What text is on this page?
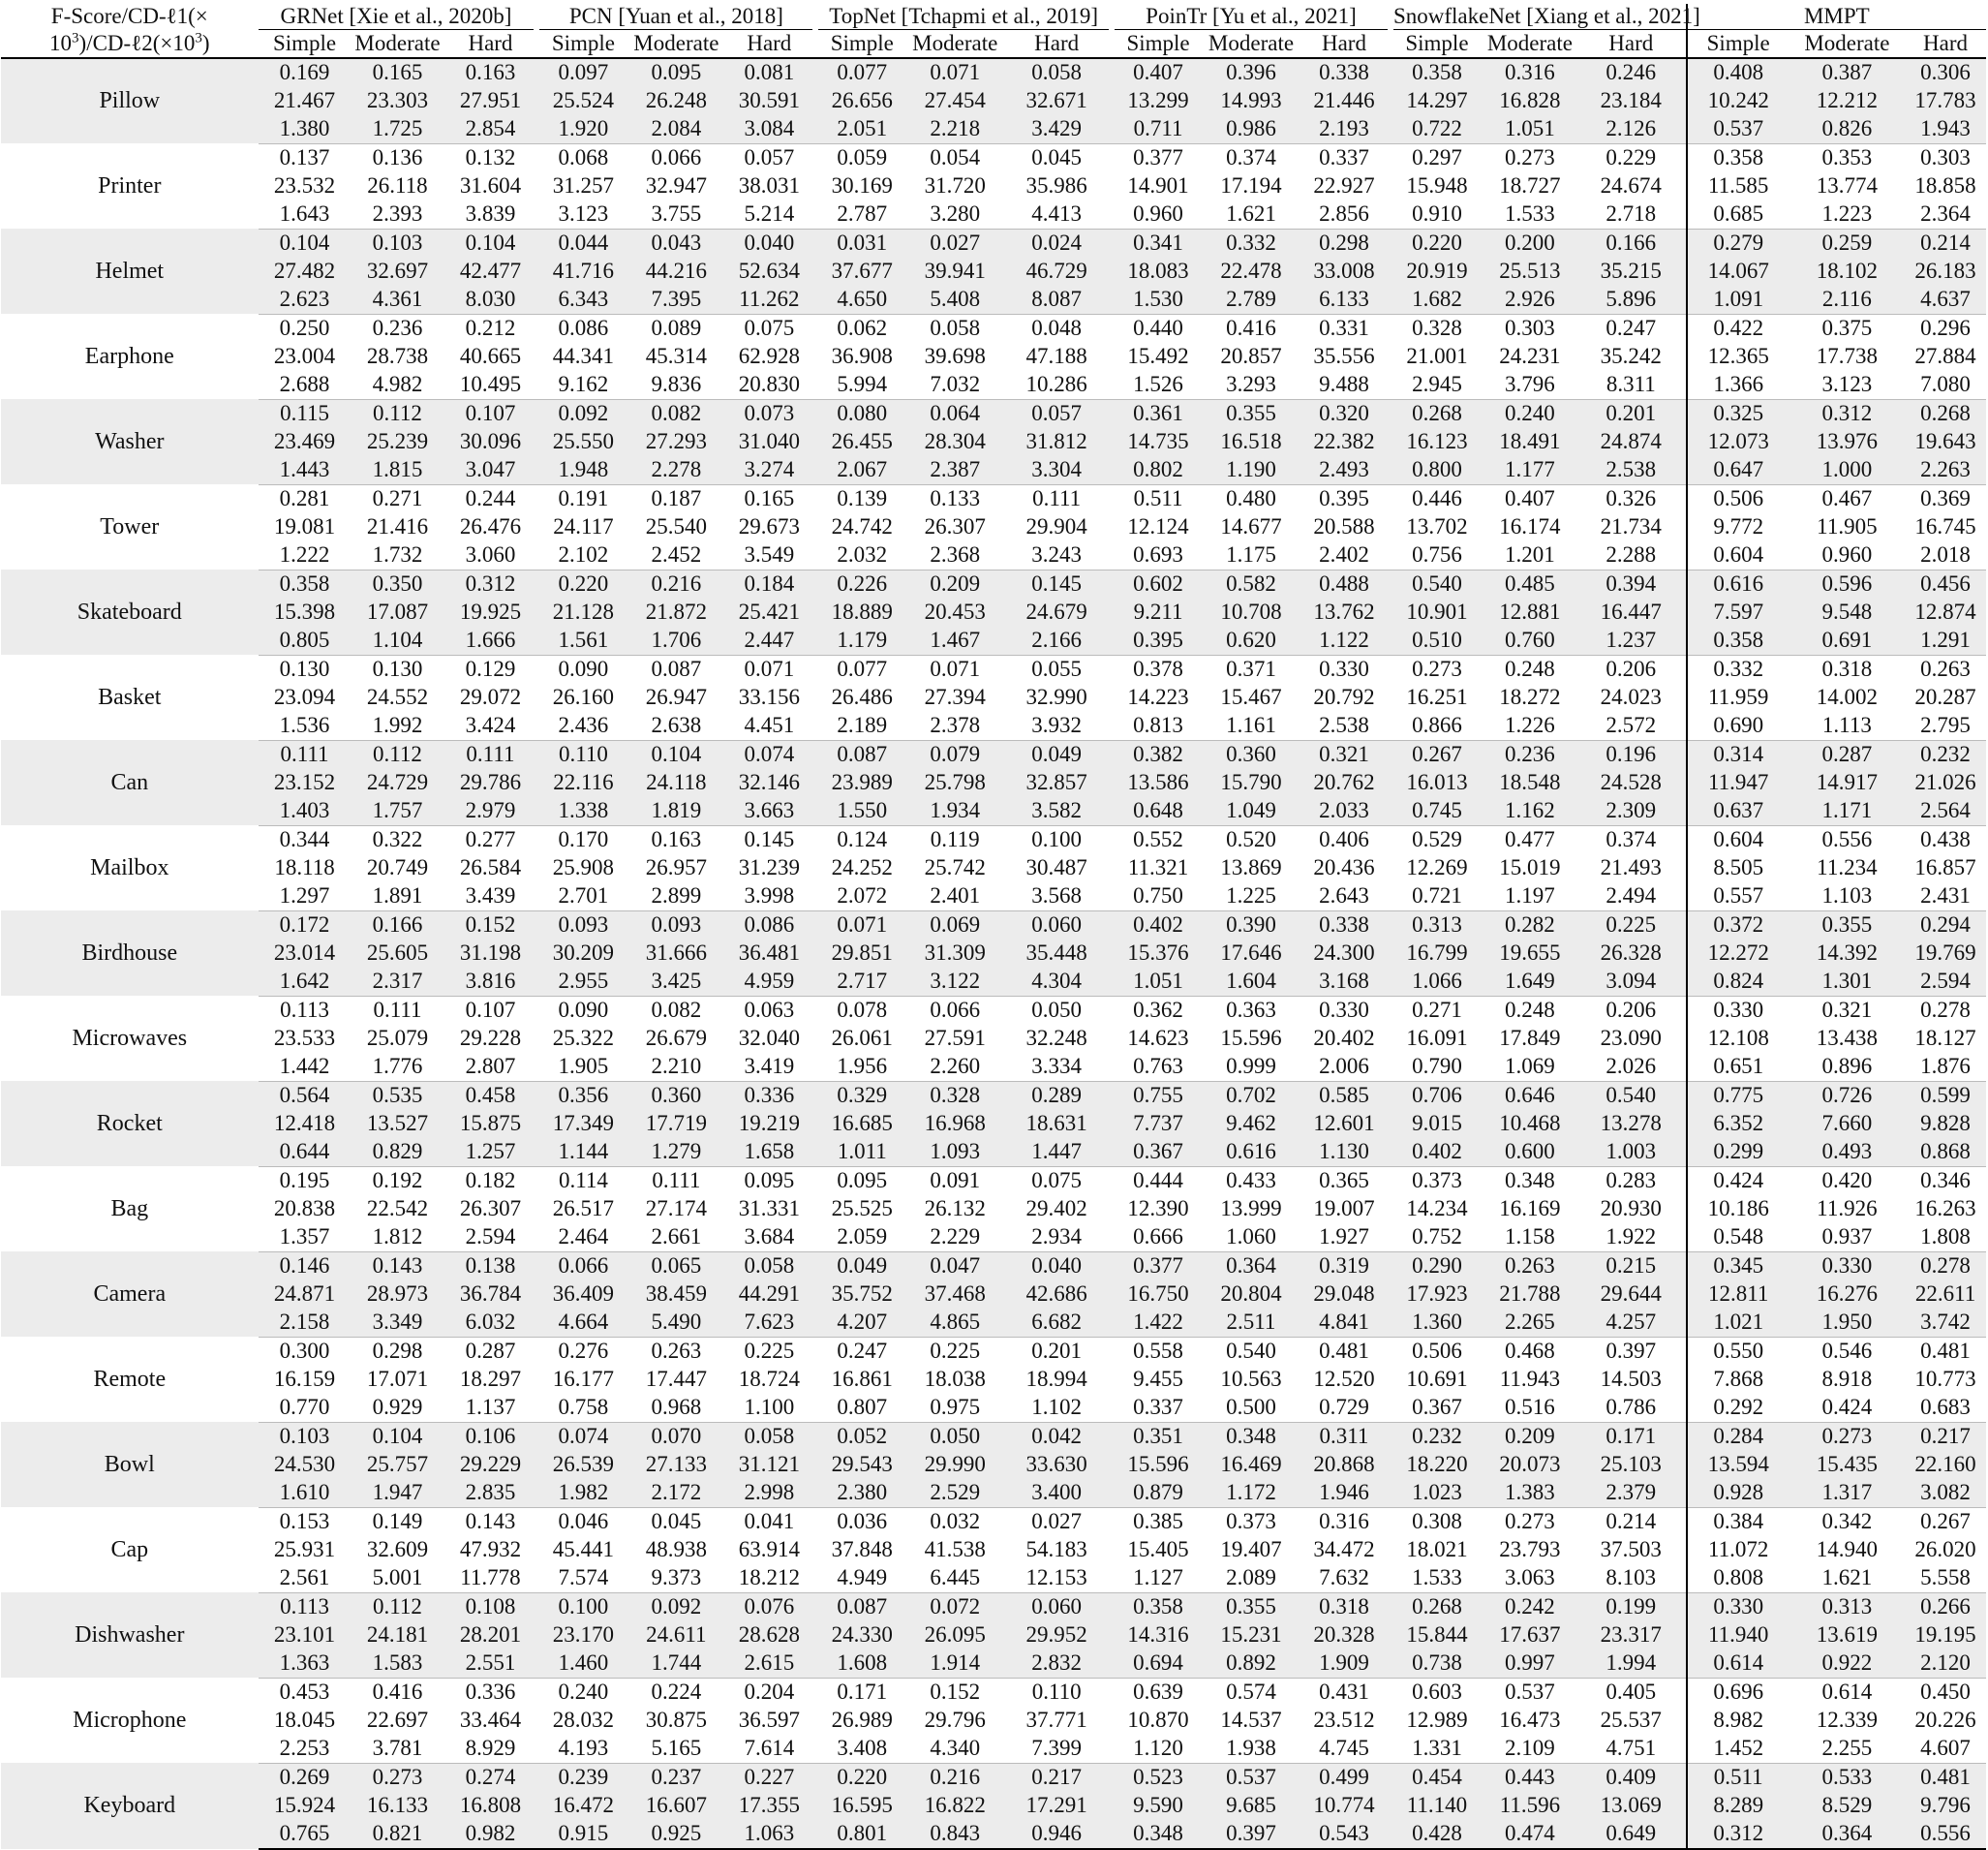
F-Score/CD-ℓ1(×	GRNet [Xie et al., 2020b]			PCN [Yuan et al., 2018]			TopNet [Tchapmi et al., 2019]			PoinTr [Yu et al., 2021]			SnowflakeNet [Xiang et al., 2021]			MMPT		
$10^3)/CD-\ell 2(\times 10^3)$	Simple	Moderate	Hard	Simple	Moderate	Hard	Simple	Moderate	Hard	Simple	Moderate	Hard	Simple	Moderate	Hard	Simple	Moderate	Hard
Pillow	0.169	0.165	0.163	0.097	0.095	0.081	0.077	0.071	0.058	0.407	0.396	0.338	0.358	0.316	0.246	0.408	0.387	0.306
	21.467	23.303	27.951	25.524	26.248	30.591	26.656	27.454	32.671	13.299	14.993	21.446	14.297	16.828	23.184	10.242	12.212	17.783
	1.380	1.725	2.854	1.920	2.084	3.084	2.051	2.218	3.429	0.711	0.986	2.193	0.722	1.051	2.126	0.537	0.826	1.943
Printer	0.137	0.136	0.132	0.068	0.066	0.057	0.059	0.054	0.045	0.377	0.374	0.337	0.297	0.273	0.229	0.358	0.353	0.303
	23.532	26.118	31.604	31.257	32.947	38.031	30.169	31.720	35.986	14.901	17.194	22.927	15.948	18.727	24.674	11.585	13.774	18.858
	1.643	2.393	3.839	3.123	3.755	5.214	2.787	3.280	4.413	0.960	1.621	2.856	0.910	1.533	2.718	0.685	1.223	2.364
Helmet	0.104	0.103	0.104	0.044	0.043	0.040	0.031	0.027	0.024	0.341	0.332	0.298	0.220	0.200	0.166	0.279	0.259	0.214
	27.482	32.697	42.477	41.716	44.216	52.634	37.677	39.941	46.729	18.083	22.478	33.008	20.919	25.513	35.215	14.067	18.102	26.183
	2.623	4.361	8.030	6.343	7.395	11.262	4.650	5.408	8.087	1.530	2.789	6.133	1.682	2.926	5.896	1.091	2.116	4.637
Earphone	0.250	0.236	0.212	0.086	0.089	0.075	0.062	0.058	0.048	0.440	0.416	0.331	0.328	0.303	0.247	0.422	0.375	0.296
	23.004	28.738	40.665	44.341	45.314	62.928	36.908	39.698	47.188	15.492	20.857	35.556	21.001	24.231	35.242	12.365	17.738	27.884
	2.688	4.982	10.495	9.162	9.836	20.830	5.994	7.032	10.286	1.526	3.293	9.488	2.945	3.796	8.311	1.366	3.123	7.080
Washer	0.115	0.112	0.107	0.092	0.082	0.073	0.080	0.064	0.057	0.361	0.355	0.320	0.268	0.240	0.201	0.325	0.312	0.268
	23.469	25.239	30.096	25.550	27.293	31.040	26.455	28.304	31.812	14.735	16.518	22.382	16.123	18.491	24.874	12.073	13.976	19.643
	1.443	1.815	3.047	1.948	2.278	3.274	2.067	2.387	3.304	0.802	1.190	2.493	0.800	1.177	2.538	0.647	1.000	2.263
Tower	0.281	0.271	0.244	0.191	0.187	0.165	0.139	0.133	0.111	0.511	0.480	0.395	0.446	0.407	0.326	0.506	0.467	0.369
	19.081	21.416	26.476	24.117	25.540	29.673	24.742	26.307	29.904	12.124	14.677	20.588	13.702	16.174	21.734	9.772	11.905	16.745
	1.222	1.732	3.060	2.102	2.452	3.549	2.032	2.368	3.243	0.693	1.175	2.402	0.756	1.201	2.288	0.604	0.960	2.018
Skateboard	0.358	0.350	0.312	0.220	0.216	0.184	0.226	0.209	0.145	0.602	0.582	0.488	0.540	0.485	0.394	0.616	0.596	0.456
	15.398	17.087	19.925	21.128	21.872	25.421	18.889	20.453	24.679	9.211	10.708	13.762	10.901	12.881	16.447	7.597	9.548	12.874
	0.805	1.104	1.666	1.561	1.706	2.447	1.179	1.467	2.166	0.395	0.620	1.122	0.510	0.760	1.237	0.358	0.691	1.291
Basket	0.130	0.130	0.129	0.090	0.087	0.071	0.077	0.071	0.055	0.378	0.371	0.330	0.273	0.248	0.206	0.332	0.318	0.263
	23.094	24.552	29.072	26.160	26.947	33.156	26.486	27.394	32.990	14.223	15.467	20.792	16.251	18.272	24.023	11.959	14.002	20.287
	1.536	1.992	3.424	2.436	2.638	4.451	2.189	2.378	3.932	0.813	1.161	2.538	0.866	1.226	2.572	0.690	1.113	2.795
Can	0.111	0.112	0.111	0.110	0.104	0.074	0.087	0.079	0.049	0.382	0.360	0.321	0.267	0.236	0.196	0.314	0.287	0.232
	23.152	24.729	29.786	22.116	24.118	32.146	23.989	25.798	32.857	13.586	15.790	20.762	16.013	18.548	24.528	11.947	14.917	21.026
	1.403	1.757	2.979	1.338	1.819	3.663	1.550	1.934	3.582	0.648	1.049	2.033	0.745	1.162	2.309	0.637	1.171	2.564
Mailbox	0.344	0.322	0.277	0.170	0.163	0.145	0.124	0.119	0.100	0.552	0.520	0.406	0.529	0.477	0.374	0.604	0.556	0.438
	18.118	20.749	26.584	25.908	26.957	31.239	24.252	25.742	30.487	11.321	13.869	20.436	12.269	15.019	21.493	8.505	11.234	16.857
	1.297	1.891	3.439	2.701	2.899	3.998	2.072	2.401	3.568	0.750	1.225	2.643	0.721	1.197	2.494	0.557	1.103	2.431
Birdhouse	0.172	0.166	0.152	0.093	0.093	0.086	0.071	0.069	0.060	0.402	0.390	0.338	0.313	0.282	0.225	0.372	0.355	0.294
	23.014	25.605	31.198	30.209	31.666	36.481	29.851	31.309	35.448	15.376	17.646	24.300	16.799	19.655	26.328	12.272	14.392	19.769
	1.642	2.317	3.816	2.955	3.425	4.959	2.717	3.122	4.304	1.051	1.604	3.168	1.066	1.649	3.094	0.824	1.301	2.594
Microwaves	0.113	0.111	0.107	0.090	0.082	0.063	0.078	0.066	0.050	0.362	0.363	0.330	0.271	0.248	0.206	0.330	0.321	0.278
	23.533	25.079	29.228	25.322	26.679	32.040	26.061	27.591	32.248	14.623	15.596	20.402	16.091	17.849	23.090	12.108	13.438	18.127
	1.442	1.776	2.807	1.905	2.210	3.419	1.956	2.260	3.334	0.763	0.999	2.006	0.790	1.069	2.026	0.651	0.896	1.876
Rocket	0.564	0.535	0.458	0.356	0.360	0.336	0.329	0.328	0.289	0.755	0.702	0.585	0.706	0.646	0.540	0.775	0.726	0.599
	12.418	13.527	15.875	17.349	17.719	19.219	16.685	16.968	18.631	7.737	9.462	12.601	9.015	10.468	13.278	6.352	7.660	9.828
	0.644	0.829	1.257	1.144	1.279	1.658	1.011	1.093	1.447	0.367	0.616	1.130	0.402	0.600	1.003	0.299	0.493	0.868
Bag	0.195	0.192	0.182	0.114	0.111	0.095	0.095	0.091	0.075	0.444	0.433	0.365	0.373	0.348	0.283	0.424	0.420	0.346
	20.838	22.542	26.307	26.517	27.174	31.331	25.525	26.132	29.402	12.390	13.999	19.007	14.234	16.169	20.930	10.186	11.926	16.263
	1.357	1.812	2.594	2.464	2.661	3.684	2.059	2.229	2.934	0.666	1.060	1.927	0.752	1.158	1.922	0.548	0.937	1.808
Camera	0.146	0.143	0.138	0.066	0.065	0.058	0.049	0.047	0.040	0.377	0.364	0.319	0.290	0.263	0.215	0.345	0.330	0.278
	24.871	28.973	36.784	36.409	38.459	44.291	35.752	37.468	42.686	16.750	20.804	29.048	17.923	21.788	29.644	12.811	16.276	22.611
	2.158	3.349	6.032	4.664	5.490	7.623	4.207	4.865	6.682	1.422	2.511	4.841	1.360	2.265	4.257	1.021	1.950	3.742
Remote	0.300	0.298	0.287	0.276	0.263	0.225	0.247	0.225	0.201	0.558	0.540	0.481	0.506	0.468	0.397	0.550	0.546	0.481
	16.159	17.071	18.297	16.177	17.447	18.724	16.861	18.038	18.994	9.455	10.563	12.520	10.691	11.943	14.503	7.868	8.918	10.773
	0.770	0.929	1.137	0.758	0.968	1.100	0.807	0.975	1.102	0.337	0.500	0.729	0.367	0.516	0.786	0.292	0.424	0.683
Bowl	0.103	0.104	0.106	0.074	0.070	0.058	0.052	0.050	0.042	0.351	0.348	0.311	0.232	0.209	0.171	0.284	0.273	0.217
	24.530	25.757	29.229	26.539	27.133	31.121	29.543	29.990	33.630	15.596	16.469	20.868	18.220	20.073	25.103	13.594	15.435	22.160
	1.610	1.947	2.835	1.982	2.172	2.998	2.380	2.529	3.400	0.879	1.172	1.946	1.023	1.383	2.379	0.928	1.317	3.082
Cap	0.153	0.149	0.143	0.046	0.045	0.041	0.036	0.032	0.027	0.385	0.373	0.316	0.308	0.273	0.214	0.384	0.342	0.267
	25.931	32.609	47.932	45.441	48.938	63.914	37.848	41.538	54.183	15.405	19.407	34.472	18.021	23.793	37.503	11.072	14.940	26.020
	2.561	5.001	11.778	7.574	9.373	18.212	4.949	6.445	12.153	1.127	2.089	7.632	1.533	3.063	8.103	0.808	1.621	5.558
Dishwasher	0.113	0.112	0.108	0.100	0.092	0.076	0.087	0.072	0.060	0.358	0.355	0.318	0.268	0.242	0.199	0.330	0.313	0.266
	23.101	24.181	28.201	23.170	24.611	28.628	24.330	26.095	29.952	14.316	15.231	20.328	15.844	17.637	23.317	11.940	13.619	19.195
	1.363	1.583	2.551	1.460	1.744	2.615	1.608	1.914	2.832	0.694	0.892	1.909	0.738	0.997	1.994	0.614	0.922	2.120
Microphone	0.453	0.416	0.336	0.240	0.224	0.204	0.171	0.152	0.110	0.639	0.574	0.431	0.603	0.537	0.405	0.696	0.614	0.450
	18.045	22.697	33.464	28.032	30.875	36.597	26.989	29.796	37.771	10.870	14.537	23.512	12.989	16.473	25.537	8.982	12.339	20.226
	2.253	3.781	8.929	4.193	5.165	7.614	3.408	4.340	7.399	1.120	1.938	4.745	1.331	2.109	4.751	1.452	2.255	4.607
Keyboard	0.269	0.273	0.274	0.239	0.237	0.227	0.220	0.216	0.217	0.523	0.537	0.499	0.454	0.443	0.409	0.511	0.533	0.481
	15.924	16.133	16.808	16.472	16.607	17.355	16.595	16.822	17.291	9.590	9.685	10.774	11.140	11.596	13.069	8.289	8.529	9.796
	0.765	0.821	0.982	0.915	0.925	1.063	0.801	0.843	0.946	0.348	0.397	0.543	0.428	0.474	0.649	0.312	0.364	0.556
